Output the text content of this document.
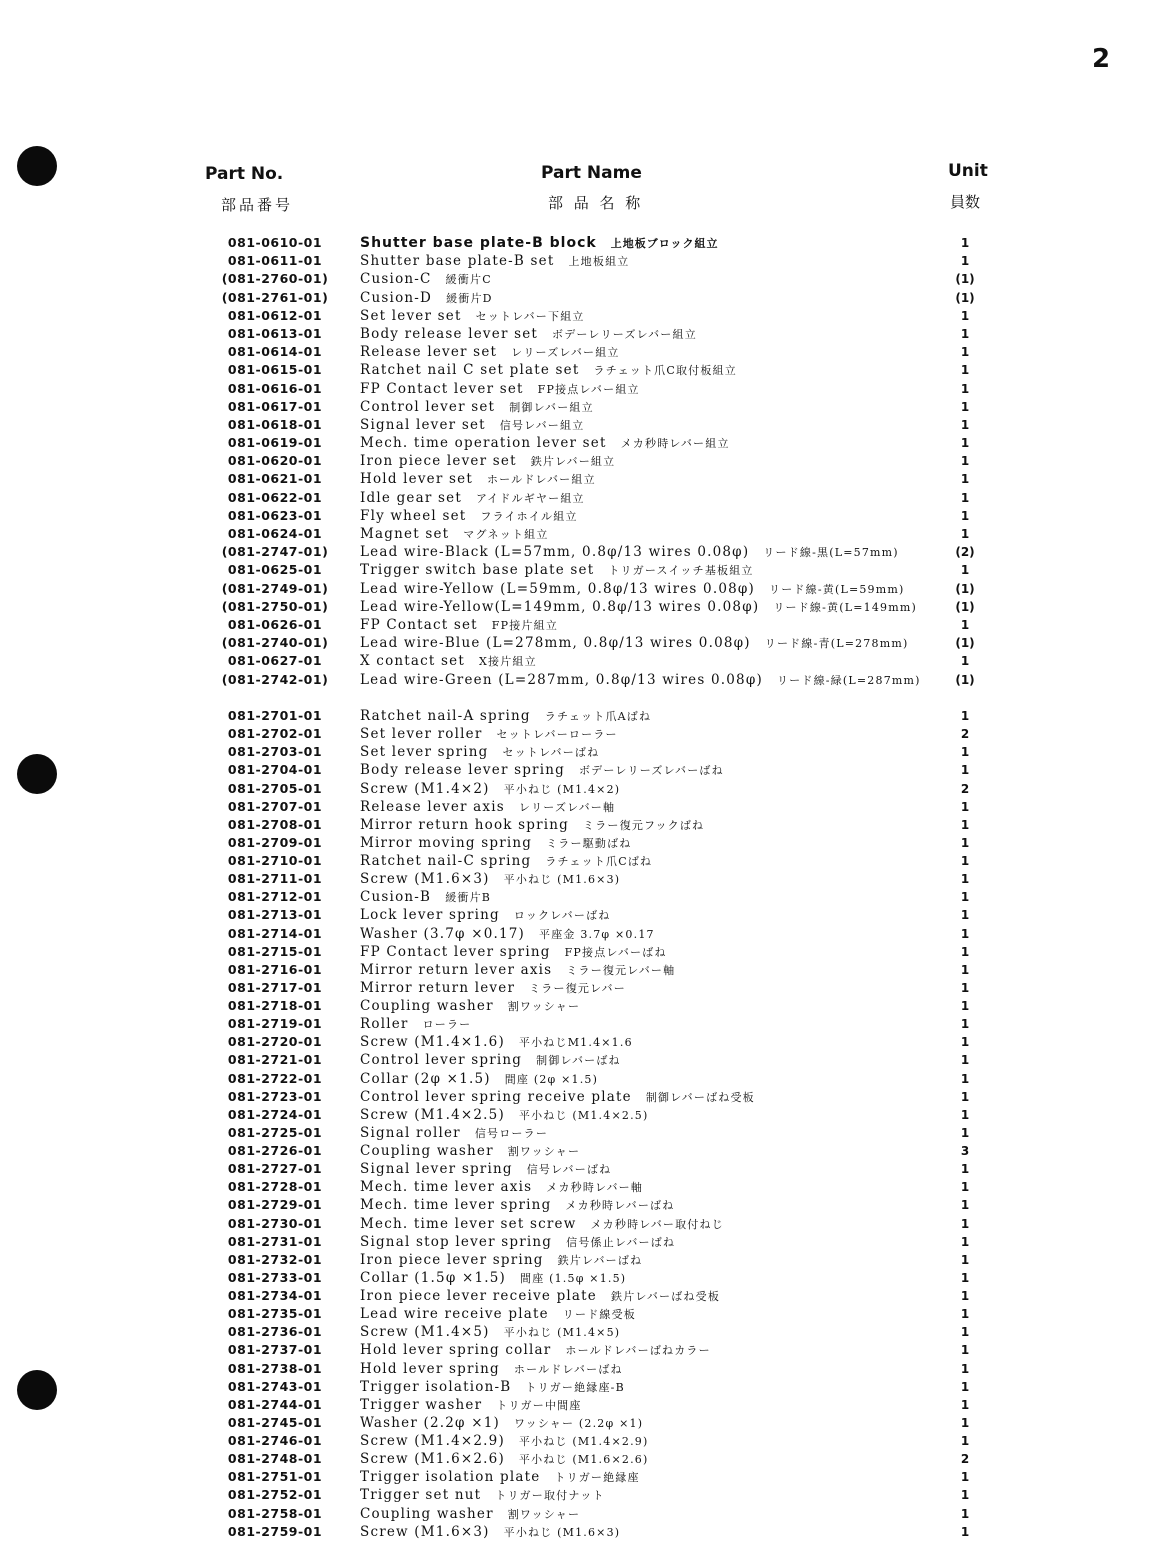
2
Part No.
部品番号
Part Name
部 品 名 称
Unit
員数
081-0610-01	Shutter base plate-B block 上地板ブロック組立	1
081-0611-01	Shutter base plate-B set 上地板組立	1
(081-2760-01)	Cusion-C 緩衝片C	(1)
(081-2761-01)	Cusion-D 緩衝片D	(1)
081-0612-01	Set lever set セットレバー下組立	1
081-0613-01	Body release lever set ボデーレリーズレバー組立	1
081-0614-01	Release lever set レリーズレバー組立	1
081-0615-01	Ratchet nail C set plate set ラチェット爪C取付板組立	1
081-0616-01	FP Contact lever set FP接点レバー組立	1
081-0617-01	Control lever set 制御レバー組立	1
081-0618-01	Signal lever set 信号レバー組立	1
081-0619-01	Mech. time operation lever set メカ秒時レバー組立	1
081-0620-01	Iron piece lever set 鉄片レバー組立	1
081-0621-01	Hold lever set ホールドレバー組立	1
081-0622-01	Idle gear set アイドルギヤー組立	1
081-0623-01	Fly wheel set フライホイル組立	1
081-0624-01	Magnet set マグネット組立	1
(081-2747-01)	Lead wire-Black (L=57mm, 0.8φ/13 wires 0.08φ) リード線-黒(L=57mm)	(2)
081-0625-01	Trigger switch base plate set トリガースイッチ基板組立	1
(081-2749-01)	Lead wire-Yellow (L=59mm, 0.8φ/13 wires 0.08φ) リード線-黄(L=59mm)	(1)
(081-2750-01)	Lead wire-Yellow(L=149mm, 0.8φ/13 wires 0.08φ) リード線-黄(L=149mm)	(1)
081-0626-01	FP Contact set FP接片組立	1
(081-2740-01)	Lead wire-Blue (L=278mm, 0.8φ/13 wires 0.08φ) リード線-青(L=278mm)	(1)
081-0627-01	X contact set X接片組立	1
(081-2742-01)	Lead wire-Green (L=287mm, 0.8φ/13 wires 0.08φ) リード線-緑(L=287mm)	(1)
081-2701-01	Ratchet nail-A spring ラチェット爪Aばね	1
081-2702-01	Set lever roller セットレバーローラー	2
081-2703-01	Set lever spring セットレバーばね	1
081-2704-01	Body release lever spring ボデーレリーズレバーばね	1
081-2705-01	Screw (M1.4×2) 平小ねじ (M1.4×2)	2
081-2707-01	Release lever axis レリーズレバー軸	1
081-2708-01	Mirror return hook spring ミラー復元フックばね	1
081-2709-01	Mirror moving spring ミラー駆動ばね	1
081-2710-01	Ratchet nail-C spring ラチェット爪Cばね	1
081-2711-01	Screw (M1.6×3) 平小ねじ (M1.6×3)	1
081-2712-01	Cusion-B 緩衝片B	1
081-2713-01	Lock lever spring ロックレバーばね	1
081-2714-01	Washer (3.7φ ×0.17) 平座金 3.7φ ×0.17	1
081-2715-01	FP Contact lever spring FP接点レバーばね	1
081-2716-01	Mirror return lever axis ミラー復元レバー軸	1
081-2717-01	Mirror return lever ミラー復元レバー	1
081-2718-01	Coupling washer 割ワッシャー	1
081-2719-01	Roller ローラー	1
081-2720-01	Screw (M1.4×1.6) 平小ねじM1.4×1.6	1
081-2721-01	Control lever spring 制御レバーばね	1
081-2722-01	Collar (2φ ×1.5) 間座 (2φ ×1.5)	1
081-2723-01	Control lever spring receive plate 制御レバーばね受板	1
081-2724-01	Screw (M1.4×2.5) 平小ねじ (M1.4×2.5)	1
081-2725-01	Signal roller 信号ローラー	1
081-2726-01	Coupling washer 割ワッシャー	3
081-2727-01	Signal lever spring 信号レバーばね	1
081-2728-01	Mech. time lever axis メカ秒時レバー軸	1
081-2729-01	Mech. time lever spring メカ秒時レバーばね	1
081-2730-01	Mech. time lever set screw メカ秒時レバー取付ねじ	1
081-2731-01	Signal stop lever spring 信号係止レバーばね	1
081-2732-01	Iron piece lever spring 鉄片レバーばね	1
081-2733-01	Collar (1.5φ ×1.5) 間座 (1.5φ ×1.5)	1
081-2734-01	Iron piece lever receive plate 鉄片レバーばね受板	1
081-2735-01	Lead wire receive plate リード線受板	1
081-2736-01	Screw (M1.4×5) 平小ねじ (M1.4×5)	1
081-2737-01	Hold lever spring collar ホールドレバーばねカラー	1
081-2738-01	Hold lever spring ホールドレバーばね	1
081-2743-01	Trigger isolation-B トリガー絶縁座-B	1
081-2744-01	Trigger washer トリガー中間座	1
081-2745-01	Washer (2.2φ ×1) ワッシャー (2.2φ ×1)	1
081-2746-01	Screw (M1.4×2.9) 平小ねじ (M1.4×2.9)	1
081-2748-01	Screw (M1.6×2.6) 平小ねじ (M1.6×2.6)	2
081-2751-01	Trigger isolation plate トリガー絶縁座	1
081-2752-01	Trigger set nut トリガー取付ナット	1
081-2758-01	Coupling washer 割ワッシャー	1
081-2759-01	Screw (M1.6×3) 平小ねじ (M1.6×3)	1
